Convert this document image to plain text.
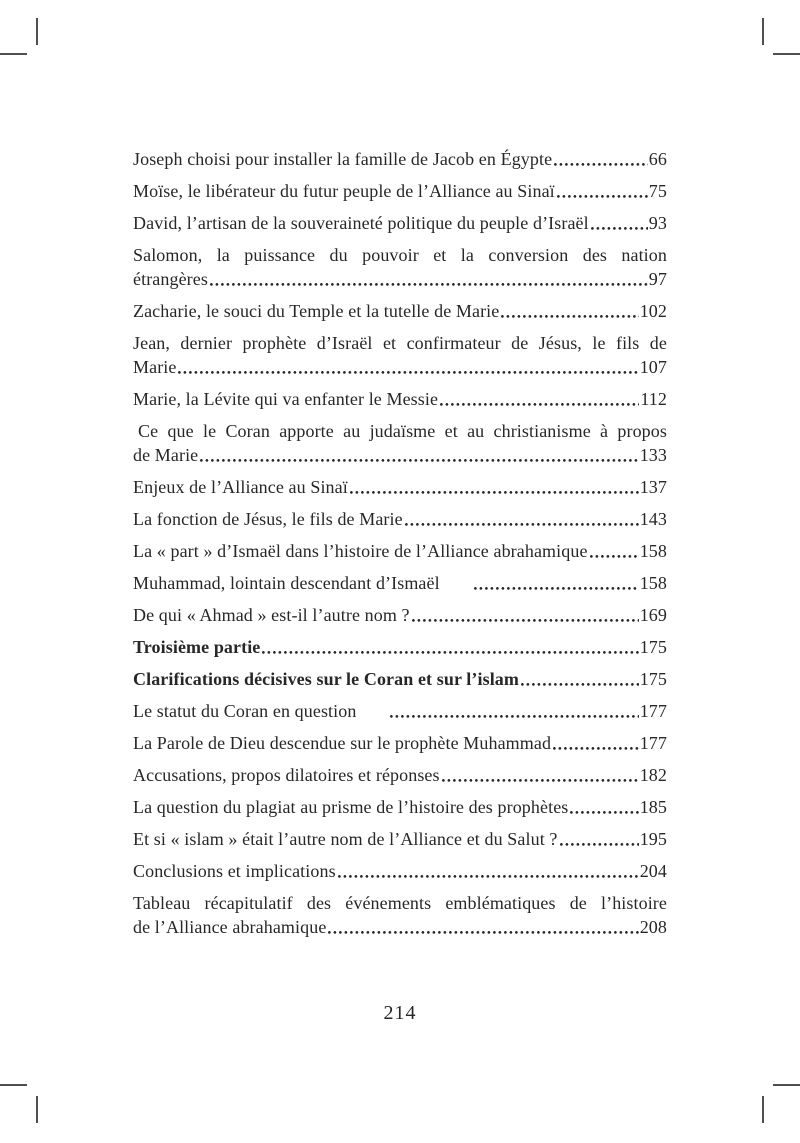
Joseph choisi pour installer la famille de Jacob en Égypte	66
Moïse, le libérateur du futur peuple de l’Alliance au Sinaï	75
David, l’artisan de la souveraineté politique du peuple d’Israël	93
Salomon, la puissance du pouvoir et la conversion des nation
étrangères	97
Zacharie, le souci du Temple et la tutelle de Marie	102
Jean, dernier prophète d’Israël et confirmateur de Jésus, le fils de
Marie	107
Marie, la Lévite qui va enfanter le Messie	112
Ce que le Coran apporte au judaïsme et au christianisme à propos
de Marie	133
Enjeux de l’Alliance au Sinaï	137
La fonction de Jésus, le fils de Marie	143
La « part » d’Ismaël dans l’histoire de l’Alliance abrahamique	158
Muhammad, lointain descendant d’Ismaël	158
De qui « Ahmad » est-il l’autre nom ?	169
Troisième partie	175
Clarifications décisives sur le Coran et sur l’islam	175
Le statut du Coran en question	177
La Parole de Dieu descendue sur le prophète Muhammad	177
Accusations, propos dilatoires et réponses	182
La question du plagiat au prisme de l’histoire des prophètes	185
Et si « islam » était l’autre nom de l’Alliance et du Salut ?	195
Conclusions et implications	204
Tableau récapitulatif des événements emblématiques de l’histoire
de l’Alliance abrahamique	208
214
